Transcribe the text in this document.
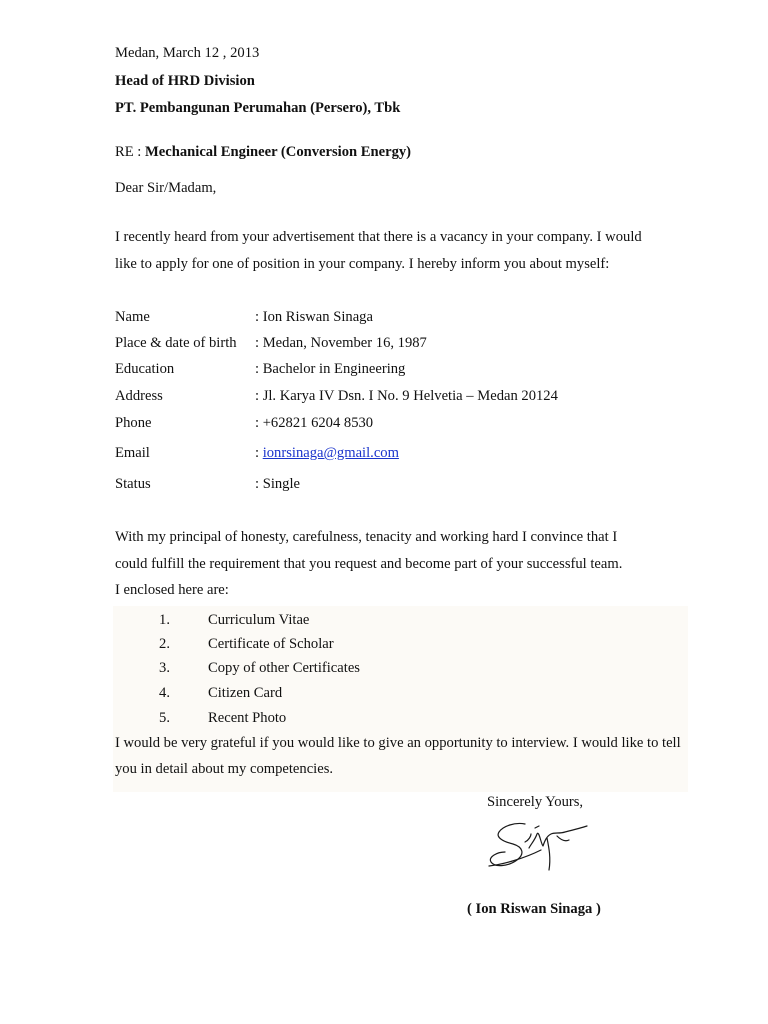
Medan, March 12 , 2013

Head of HRD Division

PT. Pembangunan Perumahan (Persero), Tbk

RE : Mechanical Engineer (Conversion Energy)

Dear Sir/Madam,

I recently heard from your advertisement that there is a vacancy in your company. I would

like to apply for one of position in your company. I hereby inform you about myself:

Name	: Ion Riswan Sinaga
Place & date of birth : Medan, November 16, 1987
Education	: Bachelor in Engineering
Address	: Jl. Karya IV Dsn. I No. 9 Helvetia – Medan 20124
Phone	: +62821 6204 8530
Email	: ionrsinaga@gmail.com
Status	: Single

With my principal of honesty, carefulness, tenacity and working hard I convince that I

could fulfill the requirement that you request and become part of your successful team.

I enclosed here are:

1.	Curriculum Vitae
2.	Certificate of Scholar
3.	Copy of other Certificates
4.	Citizen Card
5.	Recent Photo

I would be very grateful if you would like to give an opportunity to interview. I would like to tell you in detail about my competencies.

Sincerely Yours,

( Ion Riswan Sinaga )
